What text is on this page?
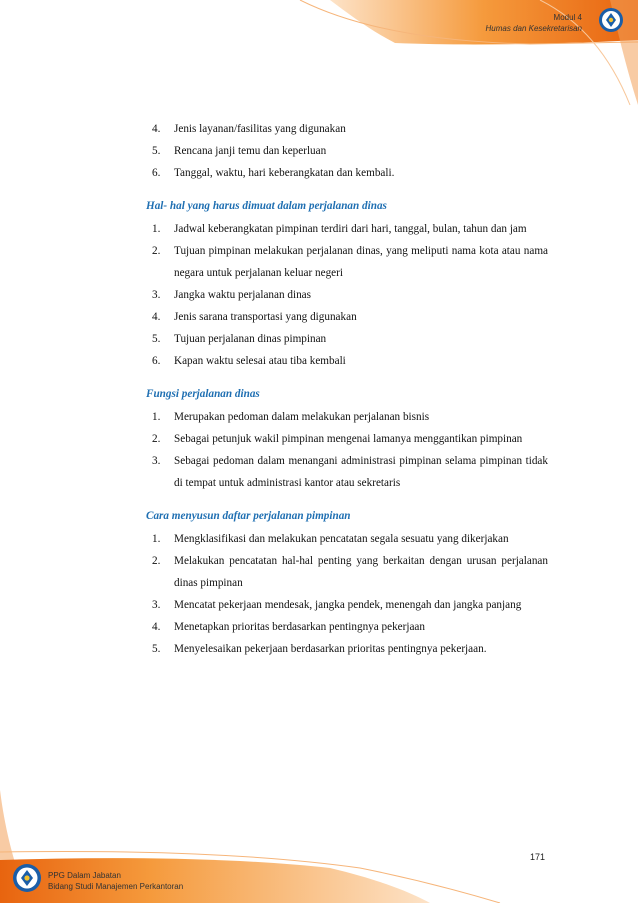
Modul 4
Humas dan Kesekretarisan
4.	Jenis layanan/fasilitas yang digunakan
5.	Rencana janji temu dan keperluan
6.	Tanggal, waktu, hari keberangkatan dan kembali.
Hal- hal yang harus dimuat dalam perjalanan dinas
1.	Jadwal keberangkatan pimpinan terdiri dari hari, tanggal, bulan, tahun dan jam
2.	Tujuan pimpinan melakukan perjalanan dinas, yang meliputi nama kota atau nama negara untuk perjalanan keluar negeri
3.	Jangka waktu perjalanan dinas
4.	Jenis sarana transportasi yang digunakan
5.	Tujuan perjalanan dinas pimpinan
6.	Kapan waktu selesai atau tiba kembali
Fungsi perjalanan dinas
1.	Merupakan pedoman dalam melakukan perjalanan bisnis
2.	Sebagai petunjuk wakil pimpinan mengenai lamanya menggantikan pimpinan
3.	Sebagai pedoman dalam menangani administrasi pimpinan selama pimpinan tidak di tempat untuk administrasi kantor atau sekretaris
Cara menyusun daftar perjalanan pimpinan
1.	Mengklasifikasi dan melakukan pencatatan segala sesuatu yang dikerjakan
2.	Melakukan pencatatan hal-hal penting yang berkaitan dengan urusan perjalanan dinas pimpinan
3.	Mencatat pekerjaan mendesak, jangka pendek, menengah dan jangka panjang
4.	Menetapkan prioritas berdasarkan pentingnya pekerjaan
5.	Menyelesaikan pekerjaan berdasarkan prioritas pentingnya pekerjaan.
171
PPG Dalam Jabatan
Bidang Studi Manajemen Perkantoran
